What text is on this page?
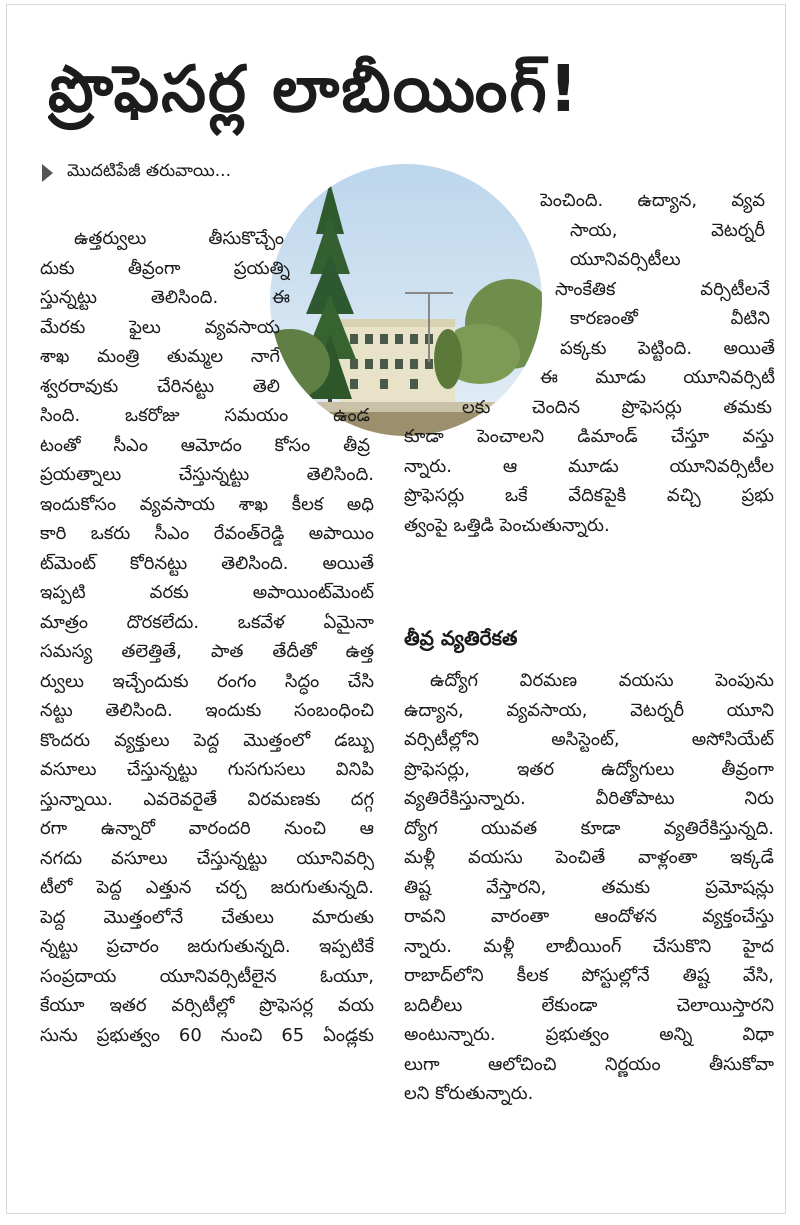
ప్రొఫెసర్ల లాబీయింగ్!
మొదటిపేజీ తరువాయి...
ఉత్తర్వులు తీసుకొచ్చేం
దుకు తీవ్రంగా ప్రయత్ని
స్తున్నట్టు తెలిసింది. ఈ
మేరకు ఫైలు వ్యవసాయ
శాఖ మంత్రి తుమ్మల నాగే
శ్వరరావుకు చేరినట్టు తెలి
సింది. ఒకరోజు సమయం ఉండ
టంతో సీఎం ఆమోదం కోసం తీవ్ర
ప్రయత్నాలు చేస్తున్నట్టు తెలిసింది.
ఇందుకోసం వ్యవసాయ శాఖ కీలక అధి
కారి ఒకరు సీఎం రేవంత్‌రెడ్డి అపాయిం
ట్‌మెంట్ కోరినట్టు తెలిసింది. అయితే
ఇప్పటి వరకు అపాయింట్‌మెంట్
మాత్రం దొరకలేదు. ఒకవేళ ఏమైనా
సమస్య తలెత్తితే, పాత తేదీతో ఉత్త
ర్వులు ఇచ్చేందుకు రంగం సిద్ధం చేసి
నట్టు తెలిసింది. ఇందుకు సంబంధించి
కొందరు వ్యక్తులు పెద్ద మొత్తంలో డబ్బు
వసూలు చేస్తున్నట్టు గుసగుసలు వినిపి
స్తున్నాయి. ఎవరెవరైతే విరమణకు దగ్గ
రగా ఉన్నారో వారందరి నుంచి ఆ
నగదు వసూలు చేస్తున్నట్టు యూనివర్సి
టీలో పెద్ద ఎత్తున చర్చ జరుగుతున్నది.
పెద్ద మొత్తంలోనే చేతులు మారుతు
న్నట్టు ప్రచారం జరుగుతున్నది. ఇప్పటికే
సంప్రదాయ యూనివర్సిటీలైన ఓయూ,
కేయూ ఇతర వర్సిటీల్లో ప్రొఫెసర్ల వయ
సును ప్రభుత్వం 60 నుంచి 65 ఏండ్లకు
పెంచింది. ఉద్యాన, వ్యవ
సాయ, వెటర్నరీ
యూనివర్సిటీలు
సాంకేతిక వర్సిటీలనే
కారణంతో వీటిని
పక్కకు పెట్టింది. అయితే
ఈ మూడు యూనివర్సిటీ
లకు చెందిన ప్రొఫెసర్లు తమకు
కూడా పెంచాలని డిమాండ్ చేస్తూ వస్తు
న్నారు. ఆ మూడు యూనివర్సిటీల
ప్రొఫెసర్లు ఒకే వేదికపైకి వచ్చి ప్రభు
త్వంపై ఒత్తిడి పెంచుతున్నారు.
తీవ్ర వ్యతిరేకత
ఉద్యోగ విరమణ వయసు పెంపును
ఉద్యాన, వ్యవసాయ, వెటర్నరీ యూని
వర్సిటీల్లోని అసిస్టెంట్, అసోసియేట్
ప్రొఫెసర్లు, ఇతర ఉద్యోగులు తీవ్రంగా
వ్యతిరేకిస్తున్నారు. వీరితోపాటు నిరు
ద్యోగ యువత కూడా వ్యతిరేకిస్తున్నది.
మళ్లీ వయసు పెంచితే వాళ్లంతా ఇక్కడే
తిష్ట వేస్తారని, తమకు ప్రమోషన్లు
రావని వారంతా ఆందోళన వ్యక్తంచేస్తు
న్నారు. మళ్లీ లాబీయింగ్ చేసుకొని హైద
రాబాద్‌లోని కీలక పోస్టుల్లోనే తిష్ట వేసి,
బదిలీలు లేకుండా చెలాయిస్తారని
అంటున్నారు. ప్రభుత్వం అన్ని విధా
లుగా ఆలోచించి నిర్ణయం తీసుకోవా
లని కోరుతున్నారు.
